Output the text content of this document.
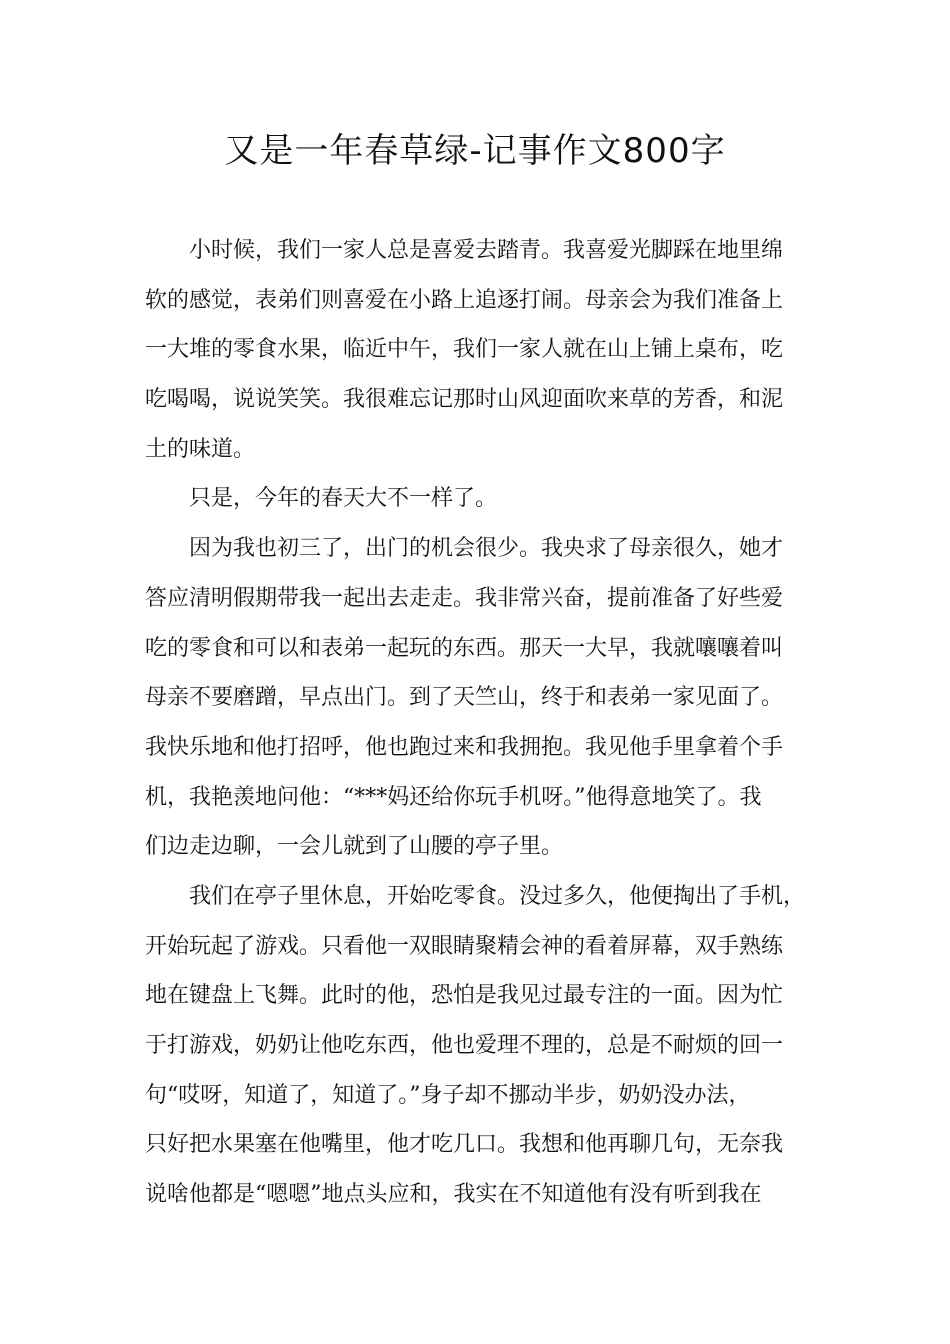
又是一年春草绿-记事作文800字
小时候，我们一家人总是喜爱去踏青。我喜爱光脚踩在地里绵
软的感觉，表弟们则喜爱在小路上追逐打闹。母亲会为我们准备上
一大堆的零食水果，临近中午，我们一家人就在山上铺上桌布，吃
吃喝喝，说说笑笑。我很难忘记那时山风迎面吹来草的芳香，和泥
土的味道。
只是，今年的春天大不一样了。
因为我也初三了，出门的机会很少。我央求了母亲很久，她才
答应清明假期带我一起出去走走。我非常兴奋，提前准备了好些爱
吃的零食和可以和表弟一起玩的东西。那天一大早，我就嚷嚷着叫
母亲不要磨蹭，早点出门。到了天竺山，终于和表弟一家见面了。
我快乐地和他打招呼，他也跑过来和我拥抱。我见他手里拿着个手
机，我艳羡地问他：“***妈还给你玩手机呀。”他得意地笑了。我
们边走边聊，一会儿就到了山腰的亭子里。
我们在亭子里休息，开始吃零食。没过多久，他便掏出了手机，
开始玩起了游戏。只看他一双眼睛聚精会神的看着屏幕，双手熟练
地在键盘上飞舞。此时的他，恐怕是我见过最专注的一面。因为忙
于打游戏，奶奶让他吃东西，他也爱理不理的，总是不耐烦的回一
句“哎呀，知道了，知道了。”身子却不挪动半步，奶奶没办法，
只好把水果塞在他嘴里，他才吃几口。我想和他再聊几句，无奈我
说啥他都是“嗯嗯”地点头应和，我实在不知道他有没有听到我在
